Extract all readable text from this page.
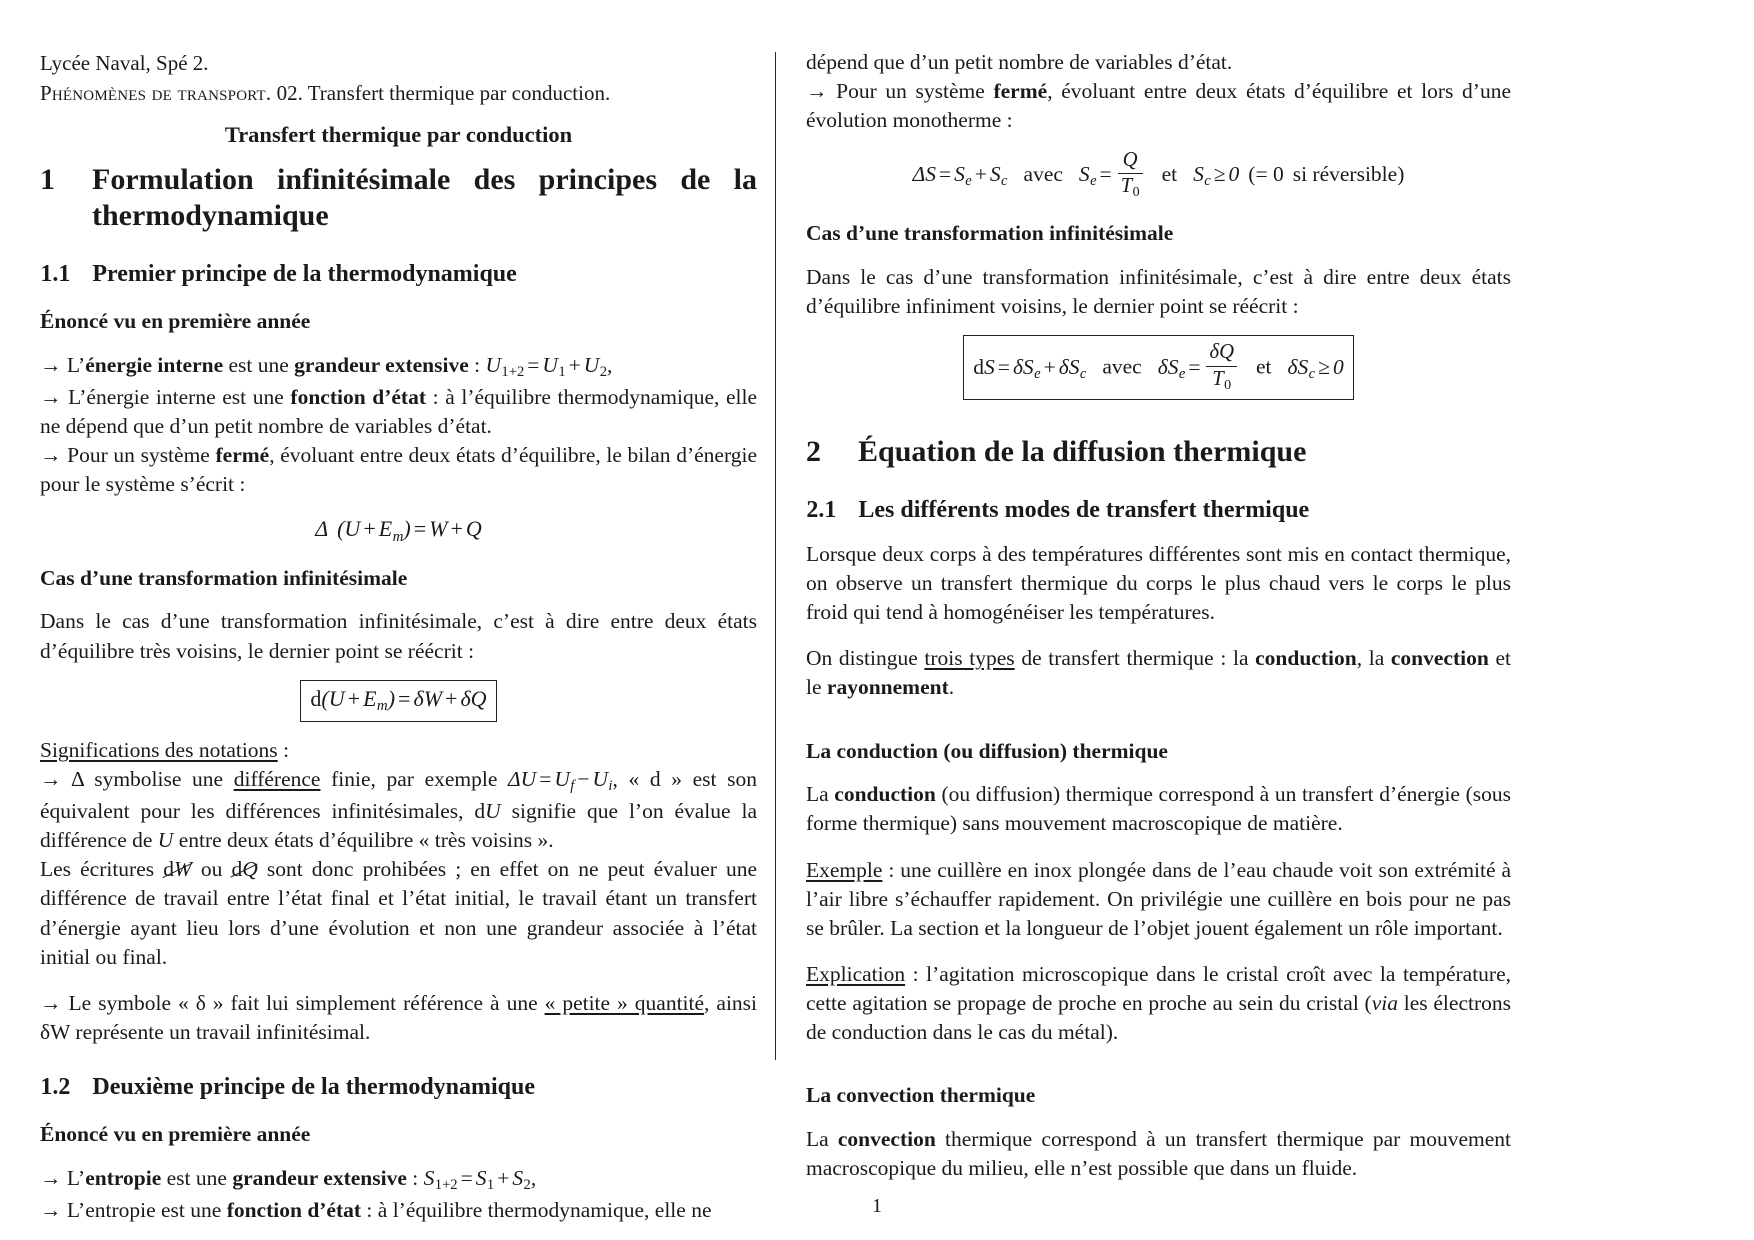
Lycée Naval, Spé 2.
Phénomènes de transport. 02. Transfert thermique par conduction.
Transfert thermique par conduction
1	Formulation infinitésimale des principes de la thermodynamique
1.1 Premier principe de la thermodynamique
Énoncé vu en première année

→ L’énergie interne est une grandeur extensive : $U_{1+2} = U_1 + U_2$,

→ L’énergie interne est une fonction d’état : à l’équilibre thermodynamique, elle ne dépend que d’un petit nombre de variables d’état.
→ Pour un système fermé, évoluant entre deux états d’équilibre, le bilan d’énergie pour le système s’écrit :

Δ $(U + E_m) = W + Q$
Cas d’une transformation infinitésimale

Dans le cas d’une transformation infinitésimale, c’est à dire entre deux états d’équilibre très voisins, le dernier point se réécrit :

$d(U + E_m) = \delta W + \delta Q$

Significations des notations :

→ Δ symbolise une différence finie, par exemple $\Delta U = U_f - U_i$, « d » est son équivalent pour les différences infinitésimales, dU signifie que l’on évalue la différence de U entre deux états d’équilibre « très voisins ».

Les écritures dW ou dQ sont donc prohibées ; en effet on ne peut évaluer une différence de travail entre l’état final et l’état initial, le travail étant un transfert d’énergie ayant lieu lors d’une évolution et non une grandeur associée à l’état initial ou final.

→ Le symbole « δ » fait lui simplement référence à une « petite » quantité, ainsi δW représente un travail infinitésimal.

1.2 Deuxième principe de la thermodynamique
Énoncé vu en première année

→ L’entropie est une grandeur extensive : $S_{1+2} = S_1 + S_2$,

→ L’entropie est une fonction d’état : à l’équilibre thermodynamique, elle ne

dépend que d’un petit nombre de variables d’état.

→ Pour un système fermé, évoluant entre deux états d’équilibre et lors d’une évolution monotherme :

$\Delta S = S_e + S_c$ avec $S_e = \frac{Q}{T_0}$ et $S_c \ge 0$ (= 0 si réversible)
Cas d’une transformation infinitésimale

Dans le cas d’une transformation infinitésimale, c’est à dire entre deux états d’équilibre infiniment voisins, le dernier point se réécrit :

dS = $\delta S_e + \delta S_c$ avec $\delta S_e = \frac{\delta Q}{T_0}$ et $\delta S_c \ge 0$
2	Équation de la diffusion thermique
2.1 Les différents modes de transfert thermique

Lorsque deux corps à des températures différentes sont mis en contact thermique, on observe un transfert thermique du corps le plus chaud vers le corps le plus froid qui tend à homogénéiser les températures.

On distingue trois types de transfert thermique : la conduction, la convection et le rayonnement.

La conduction (ou diffusion) thermique

La conduction (ou diffusion) thermique correspond à un transfert d’énergie (sous forme thermique) sans mouvement macroscopique de matière.

Exemple : une cuillère en inox plongée dans de l’eau chaude voit son extrémité à l’air libre s’échauffer rapidement. On privilégie une cuillère en bois pour ne pas se brûler. La section et la longueur de l’objet jouent également un rôle important.

Explication : l’agitation microscopique dans le cristal croît avec la température, cette agitation se propage de proche en proche au sein du cristal (via les électrons de conduction dans le cas du métal).

La convection thermique

La convection thermique correspond à un transfert thermique par mouvement macroscopique du milieu, elle n’est possible que dans un fluide.

1
